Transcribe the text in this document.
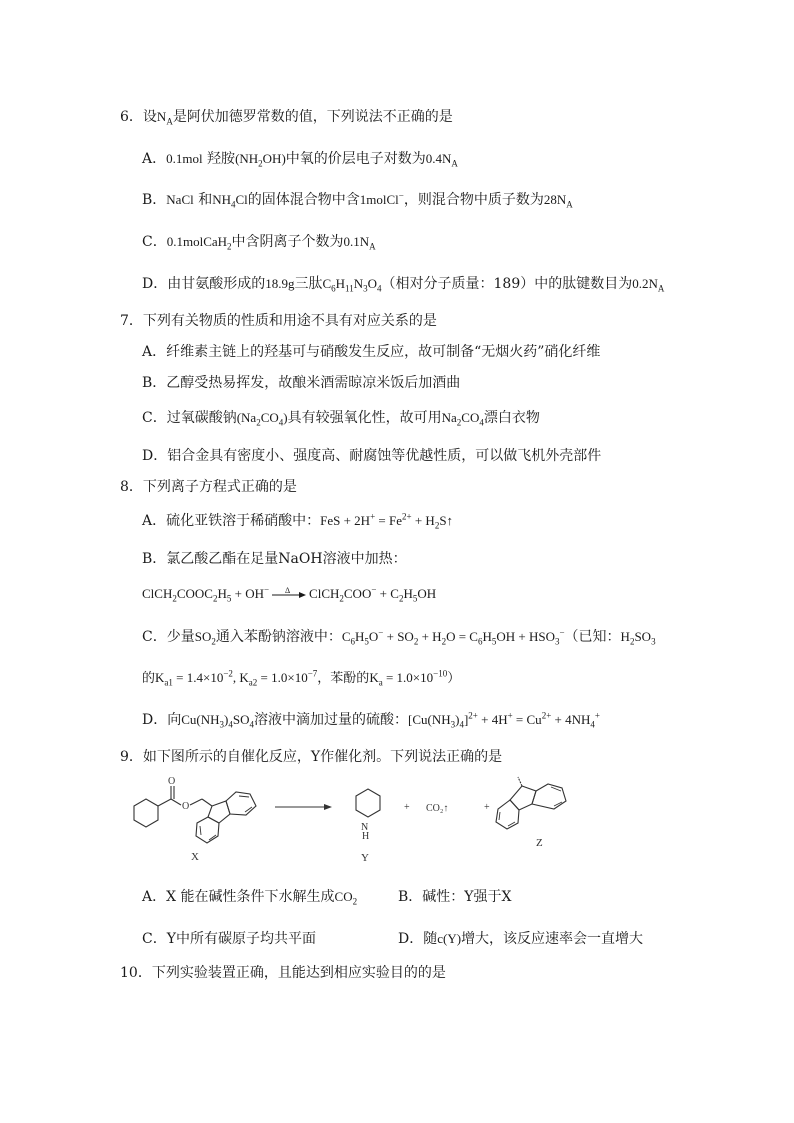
6．设$N_A$是阿伏加德罗常数的值，下列说法不正确的是
A．0.1mol 羟胺$(NH_2OH)$中氧的价层电子对数为$0.4N_A$
B．NaCl 和$NH_4Cl$的固体混合物中含1molCl−，则混合物中质子数为$28N_A$
C．0.1molCaH$_2$中含阴离子个数为$0.1N_A$
D．由甘氨酸形成的18.9g三肽$C_6H_{11}N_3O_4$（相对分子质量：189）中的肽键数目为$0.2N_A$
7．下列有关物质的性质和用途不具有对应关系的是
A．纤维素主链上的羟基可与硝酸发生反应，故可制备“无烟火药”硝化纤维
B．乙醇受热易挥发，故酿米酒需晾凉米饭后加酒曲
C．过氧碳酸钠$(Na_2CO_4)$具有较强氧化性，故可用$Na_2CO_4$漂白衣物
D．铝合金具有密度小、强度高、耐腐蚀等优越性质，可以做飞机外壳部件
8．下列离子方程式正确的是
A．硫化亚铁溶于稀硝酸中：FeS + $2H^+ = Fe^{2+}$ + $H_2S↑$
B．氯乙酸乙酯在足量NaOH溶液中加热：
$ClCH_2COOC_2H_5 + OH^-$ Δ ClCH$_2$COO− + $C_2H_5OH$
C．少量$SO_2$通入苯酚钠溶液中：$C_6H_5O^- + SO_2 + H_2O = C_6H_5OH + HSO_3^-$（已知：$H_2SO_3$
的$K_{a1} = 1.4\times 10^{-2}$, $K_{a2} = 1.0\times 10^{-7}$，苯酚的$K_a = 1.0\times 10^{-10}$）
D．向$Cu(NH_3)_4SO_4$溶液中滴加过量的硫酸：$[Cu(NH_3)_4]^{2+} + 4H^+ = Cu^{2+} + 4NH_4^+$
9．如下图所示的自催化反应，Y作催化剂。下列说法正确的是
O
O
N
H
+ CO₂↑	+
X	Y
Z
A．X 能在碱性条件下水解生成$CO_2$	B．碱性：Y强于X
C．Y中所有碳原子均共平面	D．随c(Y)增大，该反应速率会一直增大
10．下列实验装置正确，且能达到相应实验目的的是
